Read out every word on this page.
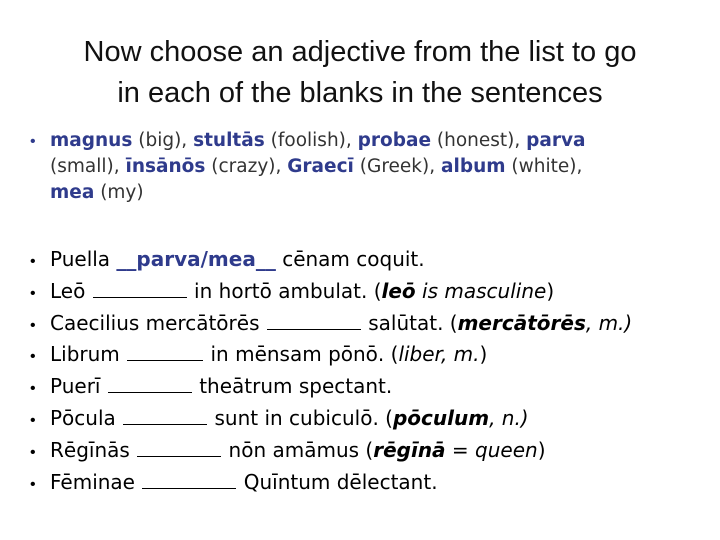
Now choose an adjective from the list to go
in each of the blanks in the sentences
• magnus (big), stultās (foolish), probae (honest), parva
(small), īnsānōs (crazy), Graecī (Greek), album (white),
mea (my)
• Puella __parva/mea__ cēnam coquit.
• Leō	in hortō ambulat. (leō is masculine)
• Caecilius mercātōrēs	salūtat. (mercātōrēs, m.)
• Librum	in mēnsam pōnō. (liber, m.)
• Puerī	theātrum spectant.
• Pōcula	sunt in cubiculō. (pōculum, n.)
• Rēgīnās	nōn amāmus (rēgīnā = queen)
• Fēminae	Quīntum dēlectant.
